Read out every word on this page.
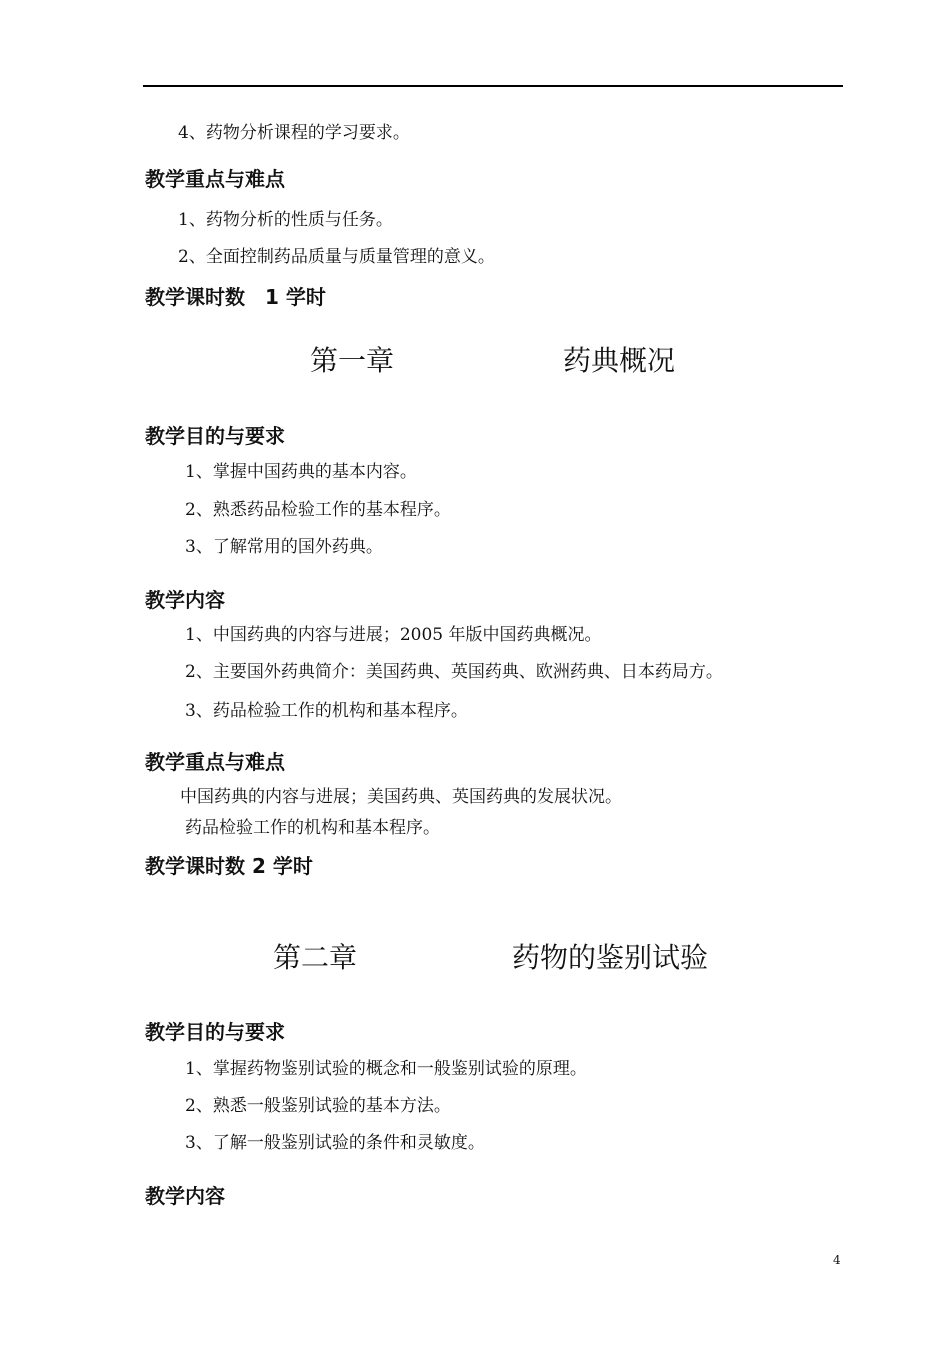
4、药物分析课程的学习要求。
教学重点与难点
1、药物分析的性质与任务。
2、全面控制药品质量与质量管理的意义。
教学课时数　1 学时
第一章	药典概况
教学目的与要求
1、掌握中国药典的基本内容。
2、熟悉药品检验工作的基本程序。
3、了解常用的国外药典。
教学内容
1、中国药典的内容与进展；2005 年版中国药典概况。
2、主要国外药典简介：美国药典、英国药典、欧洲药典、日本药局方。
3、药品检验工作的机构和基本程序。
教学重点与难点
中国药典的内容与进展；美国药典、英国药典的发展状况。
药品检验工作的机构和基本程序。
教学课时数 2 学时
第二章	药物的鉴别试验
教学目的与要求
1、掌握药物鉴别试验的概念和一般鉴别试验的原理。
2、熟悉一般鉴别试验的基本方法。
3、了解一般鉴别试验的条件和灵敏度。
教学内容
4
